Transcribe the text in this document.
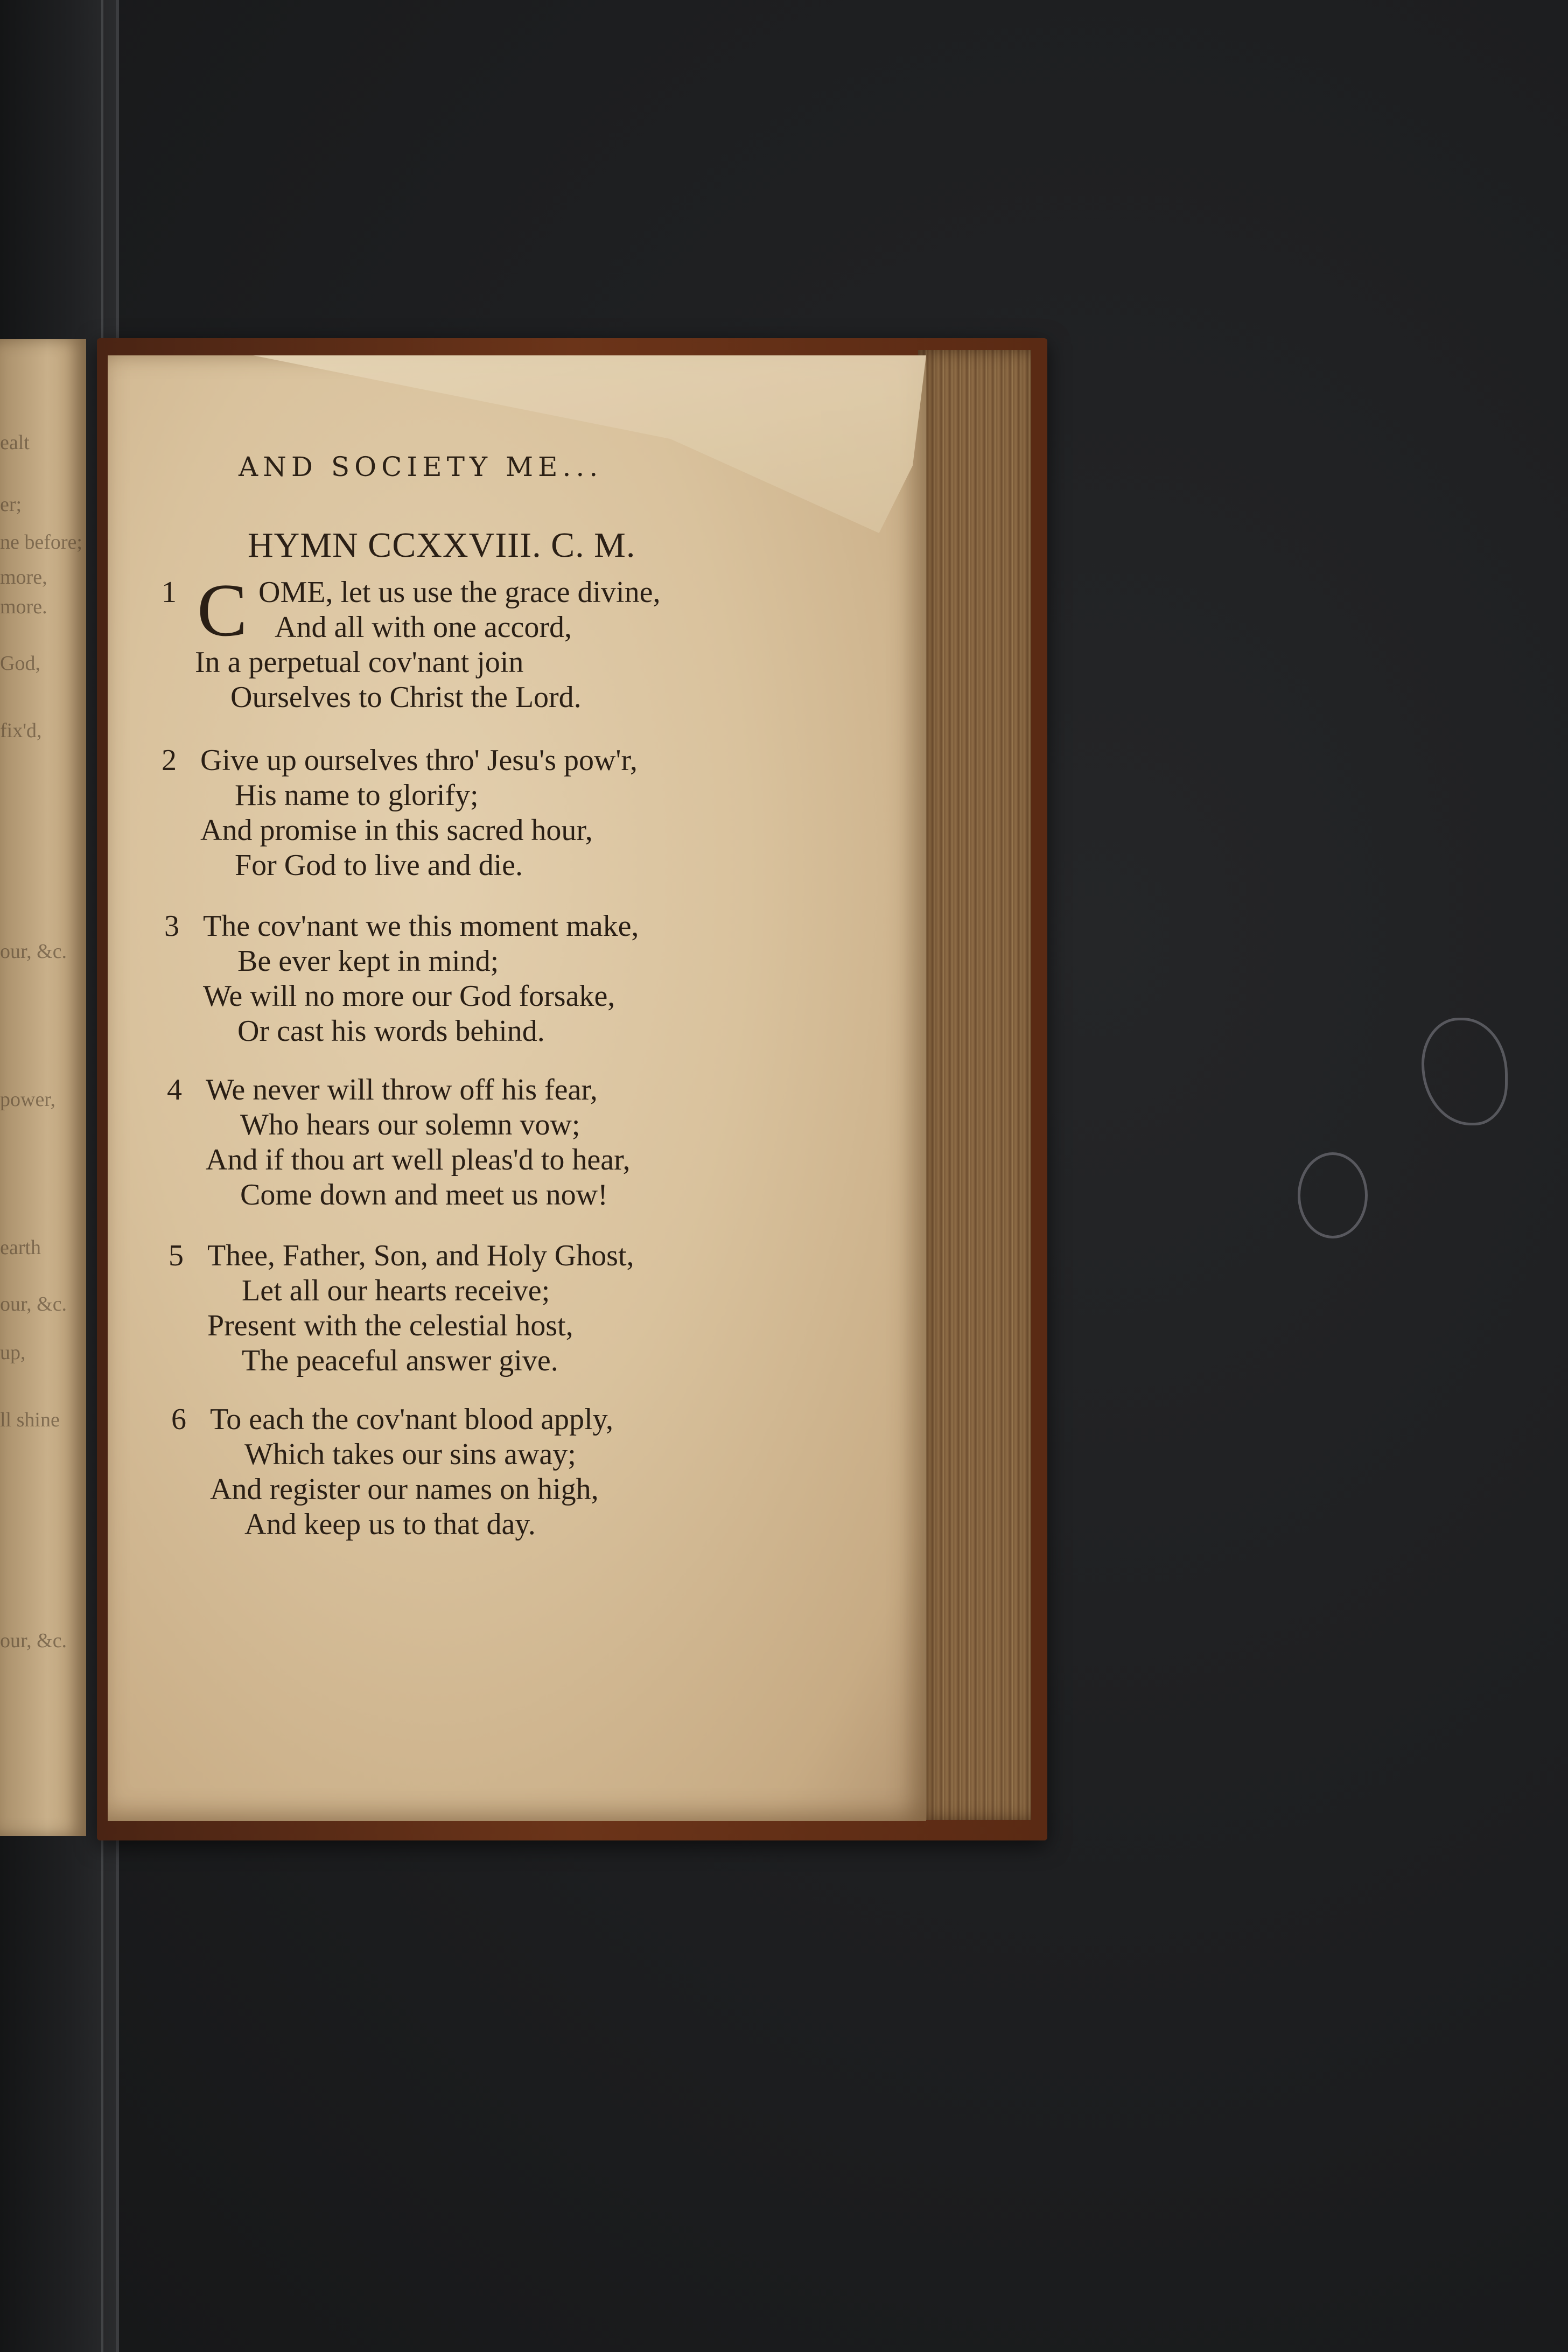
ealt
er;
ne before;
more,
more.
God,
fix'd,
our, &c.
power,
earth
our, &c.
up,
ll shine
our, &c.
AND SOCIETY ME...
HYMN CCXXVIII. C. M.
1 C OME, let us use the grace divine,
And all with one accord,
In a perpetual cov'nant join
Ourselves to Christ the Lord.
2 Give up ourselves thro' Jesu's pow'r,
His name to glorify;
And promise in this sacred hour,
For God to live and die.
3 The cov'nant we this moment make,
Be ever kept in mind;
We will no more our God forsake,
Or cast his words behind.
4 We never will throw off his fear,
Who hears our solemn vow;
And if thou art well pleas'd to hear,
Come down and meet us now!
5 Thee, Father, Son, and Holy Ghost,
Let all our hearts receive;
Present with the celestial host,
The peaceful answer give.
6 To each the cov'nant blood apply,
Which takes our sins away;
And register our names on high,
And keep us to that day.
